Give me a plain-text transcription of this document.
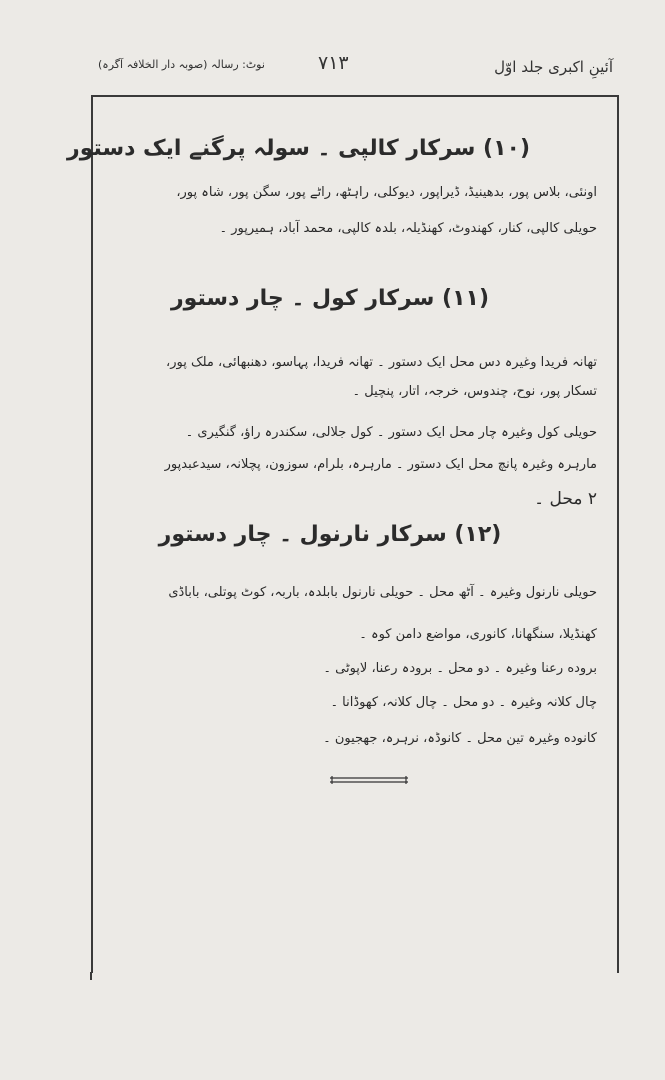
آئینِ اکبری جلد اوّل
۷۱۳
نوٹ: رسالہ (صوبہ دار الخلافہ آگرہ)
(۱۰) سرکار کالپی ۔ سولہ پرگنے ایک دستور
اونئی، بلاس پور، بدھینیڈ، ڈیراپور، دیوکلی، راہٹھ، راٹے پور، سگن پور، شاہ پور،
حویلی کالپی، کنار، کھندوٹ، کھنڈیلہ، بلدہ کالپی، محمد آباد، ہمیرپور ۔
(۱۱) سرکار کول ۔ چار دستور
تھانہ فریدا وغیرہ دس محل ایک دستور ۔ تھانہ فریدا، پہاسو، دھنبھائی، ملک پور،
تسکار پور، نوح، چندوس، خرجہ، اتار، پنچیل ۔
حویلی کول وغیرہ چار محل ایک دستور ۔ کول جلالی، سکندرہ راؤ، گنگیری ۔
مارہرہ وغیرہ پانچ محل ایک دستور ۔ مارہرہ، بلرام، سوزون، پچلانہ، سیدعبدپور
۲ محل ۔
(۱۲) سرکار نارنول ۔ چار دستور
حویلی نارنول وغیرہ ۔ آٹھ محل ۔ حویلی نارنول بابلدہ، باربہ، کوٹ پوتلی، باباڈی
کھنڈیلا، سنگھانا، کانوری، مواضع دامن کوہ ۔
بروده رعنا وغیرہ ۔ دو محل ۔ برودہ رعنا، لاپوٹی ۔
چال کلانہ وغیرہ ۔ دو محل ۔ چال کلانہ، کھوڈانا ۔
کانوده وغیرہ تین محل ۔ کانوڈہ، نرہرہ، جھجیون ۔
